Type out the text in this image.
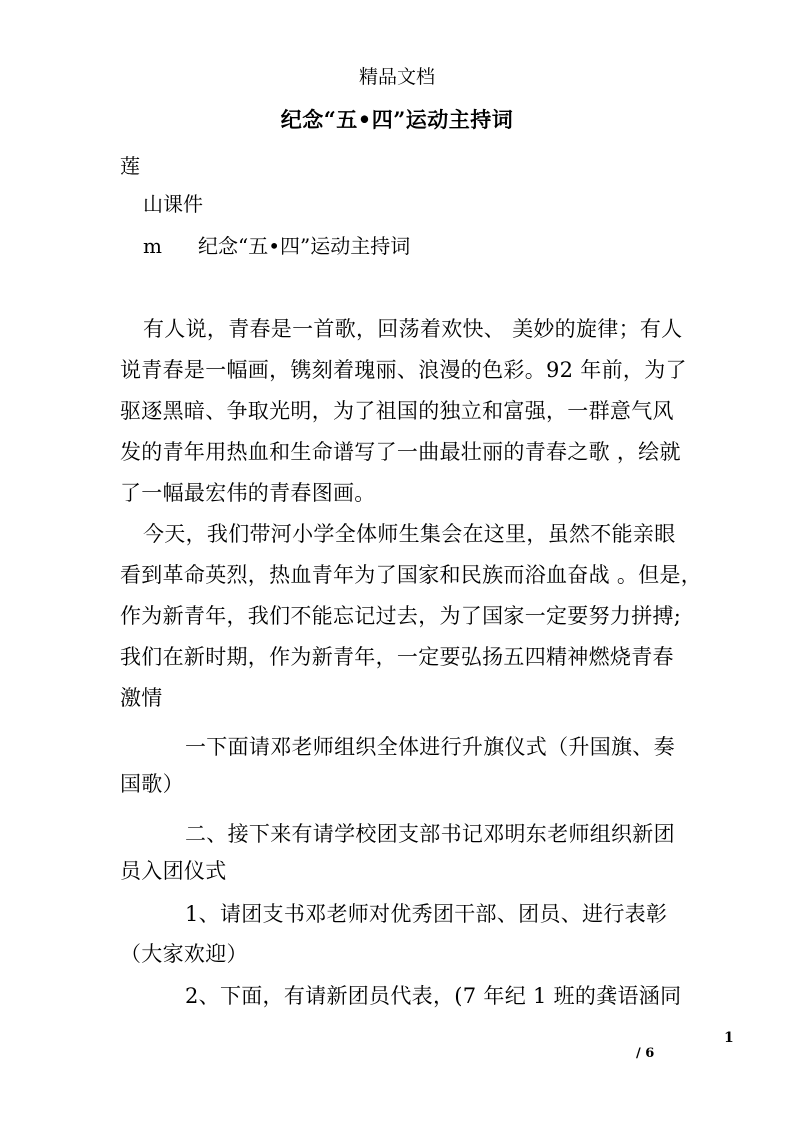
精品文档
纪念“五•四”运动主持词
莲
山课件
m 纪念“五•四”运动主持词
有人说，青春是一首歌，回荡着欢快、 美妙的旋律；有人
说青春是一幅画，镌刻着瑰丽、浪漫的色彩。92 年前，为了
驱逐黑暗、争取光明，为了祖国的独立和富强，一群意气风
发的青年用热血和生命谱写了一曲最壮丽的青春之歌 ，绘就
了一幅最宏伟的青春图画。
今天，我们带河小学全体师生集会在这里，虽然不能亲眼
看到革命英烈，热血青年为了国家和民族而浴血奋战 。但是，
作为新青年，我们不能忘记过去，为了国家一定要努力拼搏;
我们在新时期，作为新青年，一定要弘扬五四精神燃烧青春
激情
一下面请邓老师组织全体进行升旗仪式（升国旗、奏
国歌）
二、接下来有请学校团支部书记邓明东老师组织新团
员入团仪式
1、请团支书邓老师对优秀团干部、团员、进行表彰
（大家欢迎）
2、下面，有请新团员代表，(7 年纪 1 班的龚语涵同
1
/ 6
